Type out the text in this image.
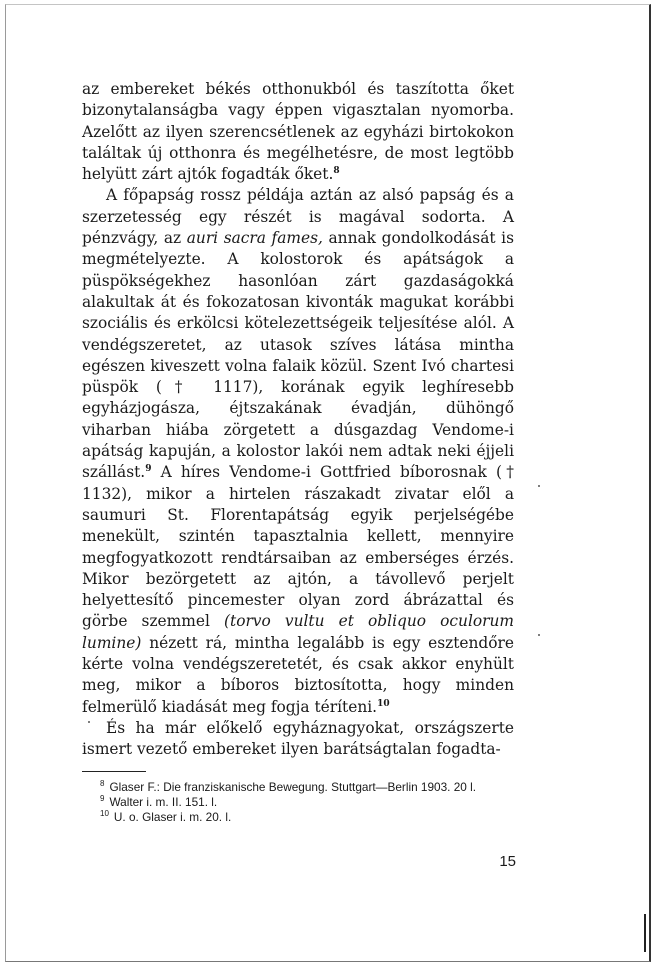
az embereket békés otthonukból és taszította őket bizonytalanságba vagy éppen vigasztalan nyomorba. Azelőtt az ilyen szerencsétlenek az egyházi birtokokon találtak új otthonra és megélhetésre, de most legtöbb helyütt zárt ajtók fogadták őket.$^8$

A főpapság rossz példája aztán az alsó papság és a szerzetesség egy részét is magával sodorta. A pénzvágy, az auri sacra fames, annak gondolkodását is megmételyezte. A kolostorok és apátságok a püspökségekhez hasonlóan zárt gazdaságokká alakultak át és fokozatosan kivonták magukat korábbi szociális és erkölcsi kötelezettségeik teljesítése alól. A vendégszeretet, az utasok szíves látása mintha egészen kiveszett volna falaik közül. Szent Ivó chartesi püspök († 1117), korának egyik leghíresebb egyházjogásza, éjtszakának évadján, dühöngő viharban hiába zörgetett a dúsgazdag Vendome-i apátság kapuján, a kolostor lakói nem adtak neki éjjeli szállást.$^9$ A híres Vendome-i Gottfried bíborosnak († 1132), mikor a hirtelen rászakadt zivatar elől a saumuri St. Florentapátság egyik perjelségébe menekült, szintén tapasztalnia kellett, mennyire megfogyatkozott rendtársaiban az emberséges érzés. Mikor bezörgetett az ajtón, a távollevő perjelt helyettesítő pincemester olyan zord ábrázattal és görbe szemmel (torvo vultu et obliquo oculorum lumine) nézett rá, mintha legalább is egy esztendőre kérte volna vendégszeretetét, és csak akkor enyhült meg, mikor a bíboros biztosította, hogy minden felmerülő kiadását meg fogja téríteni.$^{10}$

És ha már előkelő egyháznagyokat, országszerte ismert vezető embereket ilyen barátságtalan fogadta-

$^8$ Glaser F.: Die franziskanische Bewegung. Stuttgart—Berlin 1903. 20 l.

$^9$ Walter i. m. II. 151. l.

$^{10}$ U. o. Glaser i. m. 20. l.

15
